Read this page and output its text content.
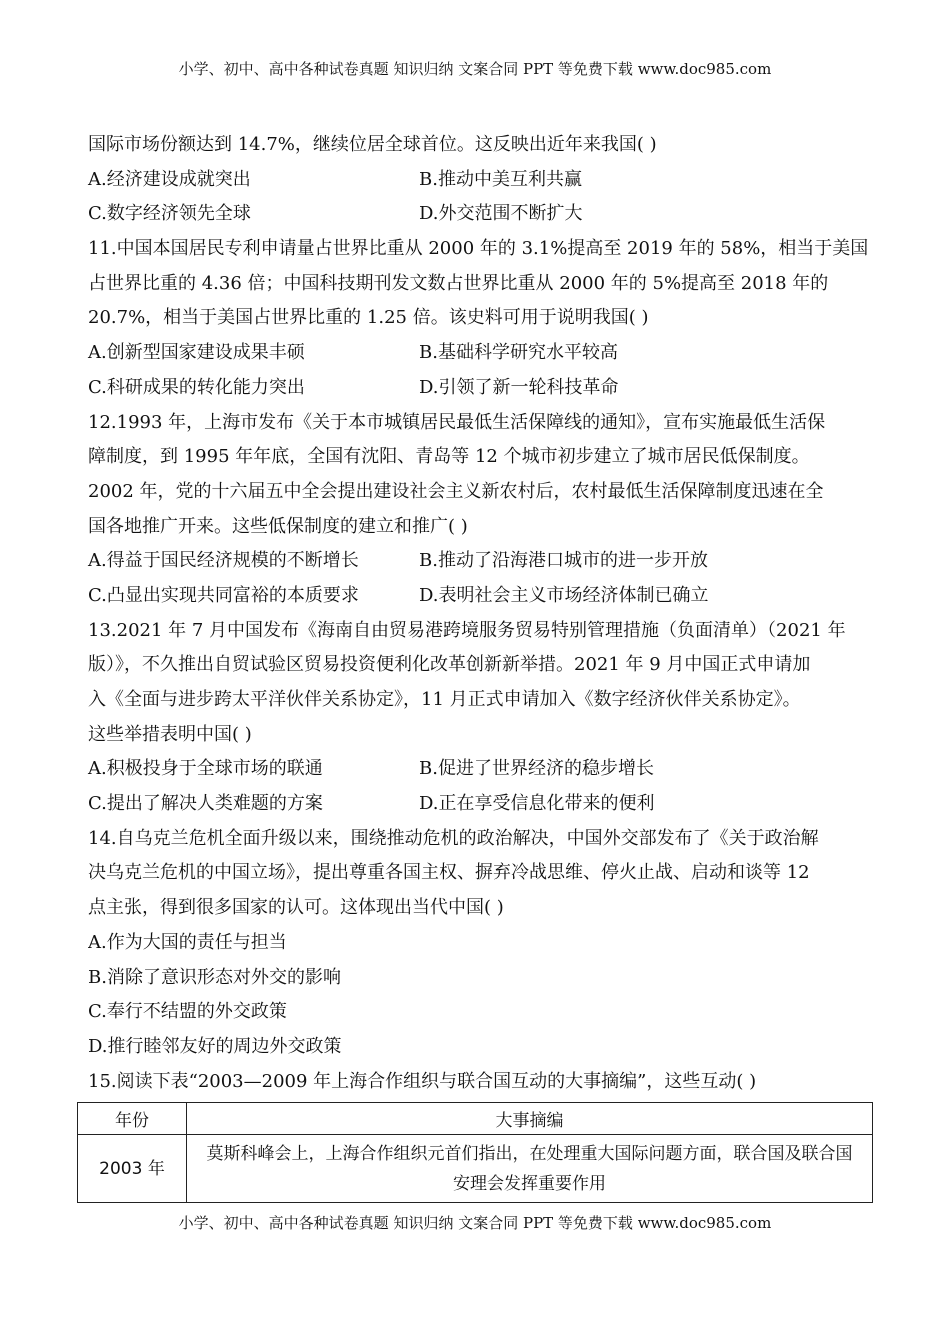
小学、初中、高中各种试卷真题 知识归纳 文案合同 PPT 等免费下载 www.doc985.com
国际市场份额达到 14.7%，继续位居全球首位。这反映出近年来我国( )
A.经济建设成就突出	B.推动中美互利共赢
C.数字经济领先全球	D.外交范围不断扩大
11.中国本国居民专利申请量占世界比重从 2000 年的 3.1%提高至 2019 年的 58%，相当于美国
占世界比重的 4.36 倍；中国科技期刊发文数占世界比重从 2000 年的 5%提高至 2018 年的
20.7%，相当于美国占世界比重的 1.25 倍。该史料可用于说明我国( )
A.创新型国家建设成果丰硕	B.基础科学研究水平较高
C.科研成果的转化能力突出	D.引领了新一轮科技革命
12.1993 年，上海市发布《关于本市城镇居民最低生活保障线的通知》，宣布实施最低生活保
障制度，到 1995 年年底，全国有沈阳、青岛等 12 个城市初步建立了城市居民低保制度。
2002 年，党的十六届五中全会提出建设社会主义新农村后，农村最低生活保障制度迅速在全
国各地推广开来。这些低保制度的建立和推广( )
A.得益于国民经济规模的不断增长	B.推动了沿海港口城市的进一步开放
C.凸显出实现共同富裕的本质要求	D.表明社会主义市场经济体制已确立
13.2021 年 7 月中国发布《海南自由贸易港跨境服务贸易特别管理措施（负面清单）（2021 年
版）》，不久推出自贸试验区贸易投资便利化改革创新新举措。2021 年 9 月中国正式申请加
入《全面与进步跨太平洋伙伴关系协定》，11 月正式申请加入《数字经济伙伴关系协定》。
这些举措表明中国( )
A.积极投身于全球市场的联通	B.促进了世界经济的稳步增长
C.提出了解决人类难题的方案	D.正在享受信息化带来的便利
14.自乌克兰危机全面升级以来，围绕推动危机的政治解决，中国外交部发布了《关于政治解
决乌克兰危机的中国立场》，提出尊重各国主权、摒弃冷战思维、停火止战、启动和谈等 12
点主张，得到很多国家的认可。这体现出当代中国( )
A.作为大国的责任与担当
B.消除了意识形态对外交的影响
C.奉行不结盟的外交政策
D.推行睦邻友好的周边外交政策
15.阅读下表“2003—2009 年上海合作组织与联合国互动的大事摘编”，这些互动( )
年份	大事摘编
2003 年	莫斯科峰会上，上海合作组织元首们指出，在处理重大国际问题方面，联合国及联合国安理会发挥重要作用
小学、初中、高中各种试卷真题 知识归纳 文案合同 PPT 等免费下载 www.doc985.com
